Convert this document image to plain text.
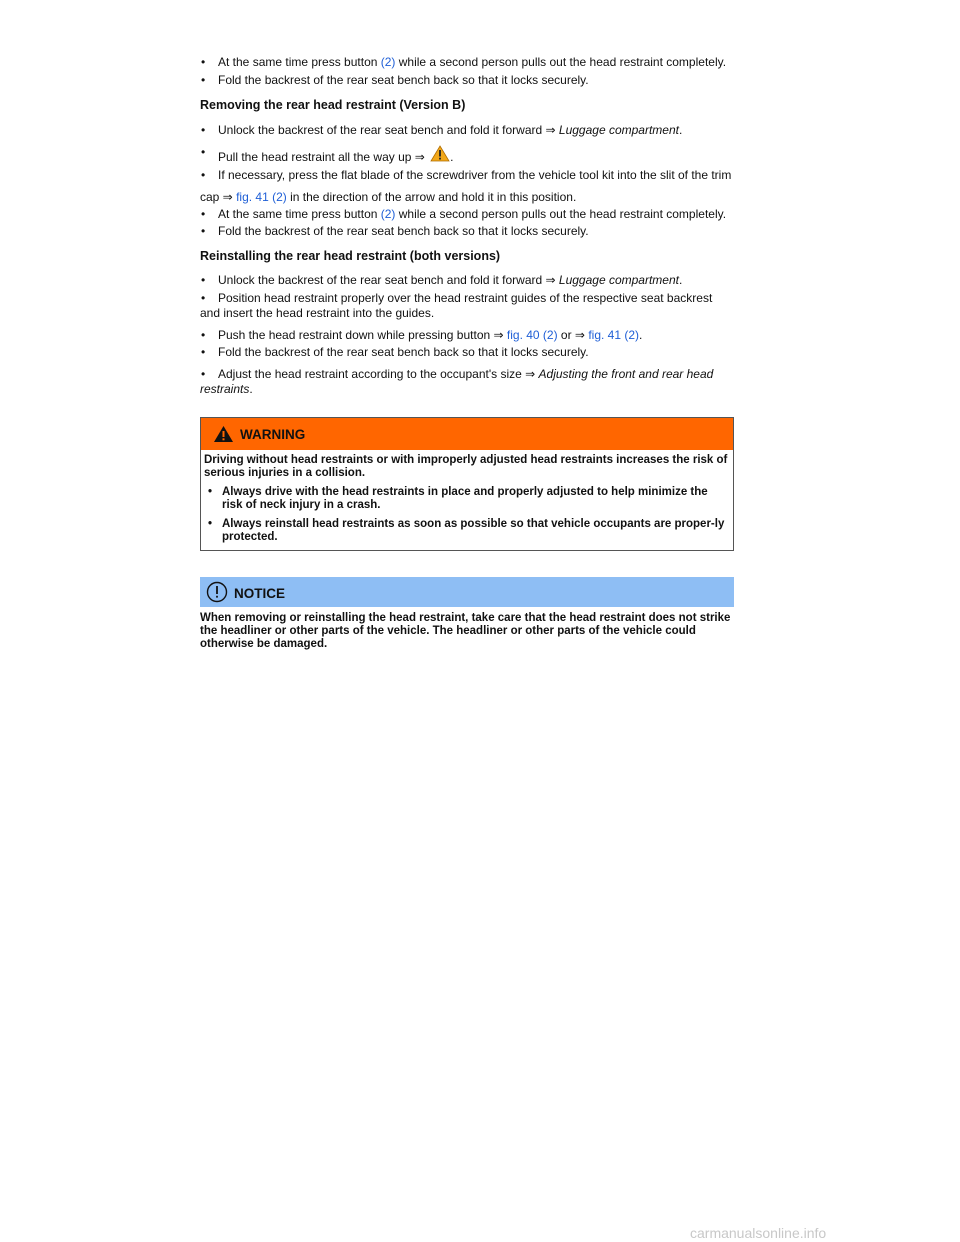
• At the same time press button (2) while a second person pulls out the head restraint completely.

• Fold the backrest of the rear seat bench back so that it locks securely.

Removing the rear head restraint (Version B)

• Unlock the backrest of the rear seat bench and fold it forward ⇒ Luggage compartment.

• Pull the head restraint all the way up ⇒ .

• If necessary, press the flat blade of the screwdriver from the vehicle tool kit into the slit of the trim

cap ⇒ fig. 41 (2) in the direction of the arrow and hold it in this position.

• At the same time press button (2) while a second person pulls out the head restraint completely.

• Fold the backrest of the rear seat bench back so that it locks securely.

Reinstalling the rear head restraint (both versions)

• Unlock the backrest of the rear seat bench and fold it forward ⇒ Luggage compartment.

• Position head restraint properly over the head restraint guides of the respective seat backrest and insert the head restraint into the guides.

• Push the head restraint down while pressing button ⇒ fig. 40 (2) or ⇒ fig. 41 (2).

• Fold the backrest of the rear seat bench back so that it locks securely.

• Adjust the head restraint according to the occupant's size ⇒ Adjusting the front and rear head restraints.

WARNING

Driving without head restraints or with improperly adjusted head restraints increases the risk of serious injuries in a collision.

• Always drive with the head restraints in place and properly adjusted to help minimize the risk of neck injury in a crash.

• Always reinstall head restraints as soon as possible so that vehicle occupants are proper-ly protected.

NOTICE

When removing or reinstalling the head restraint, take care that the head restraint does not strike the headliner or other parts of the vehicle. The headliner or other parts of the vehicle could otherwise be damaged.

carmanualsonline.info
